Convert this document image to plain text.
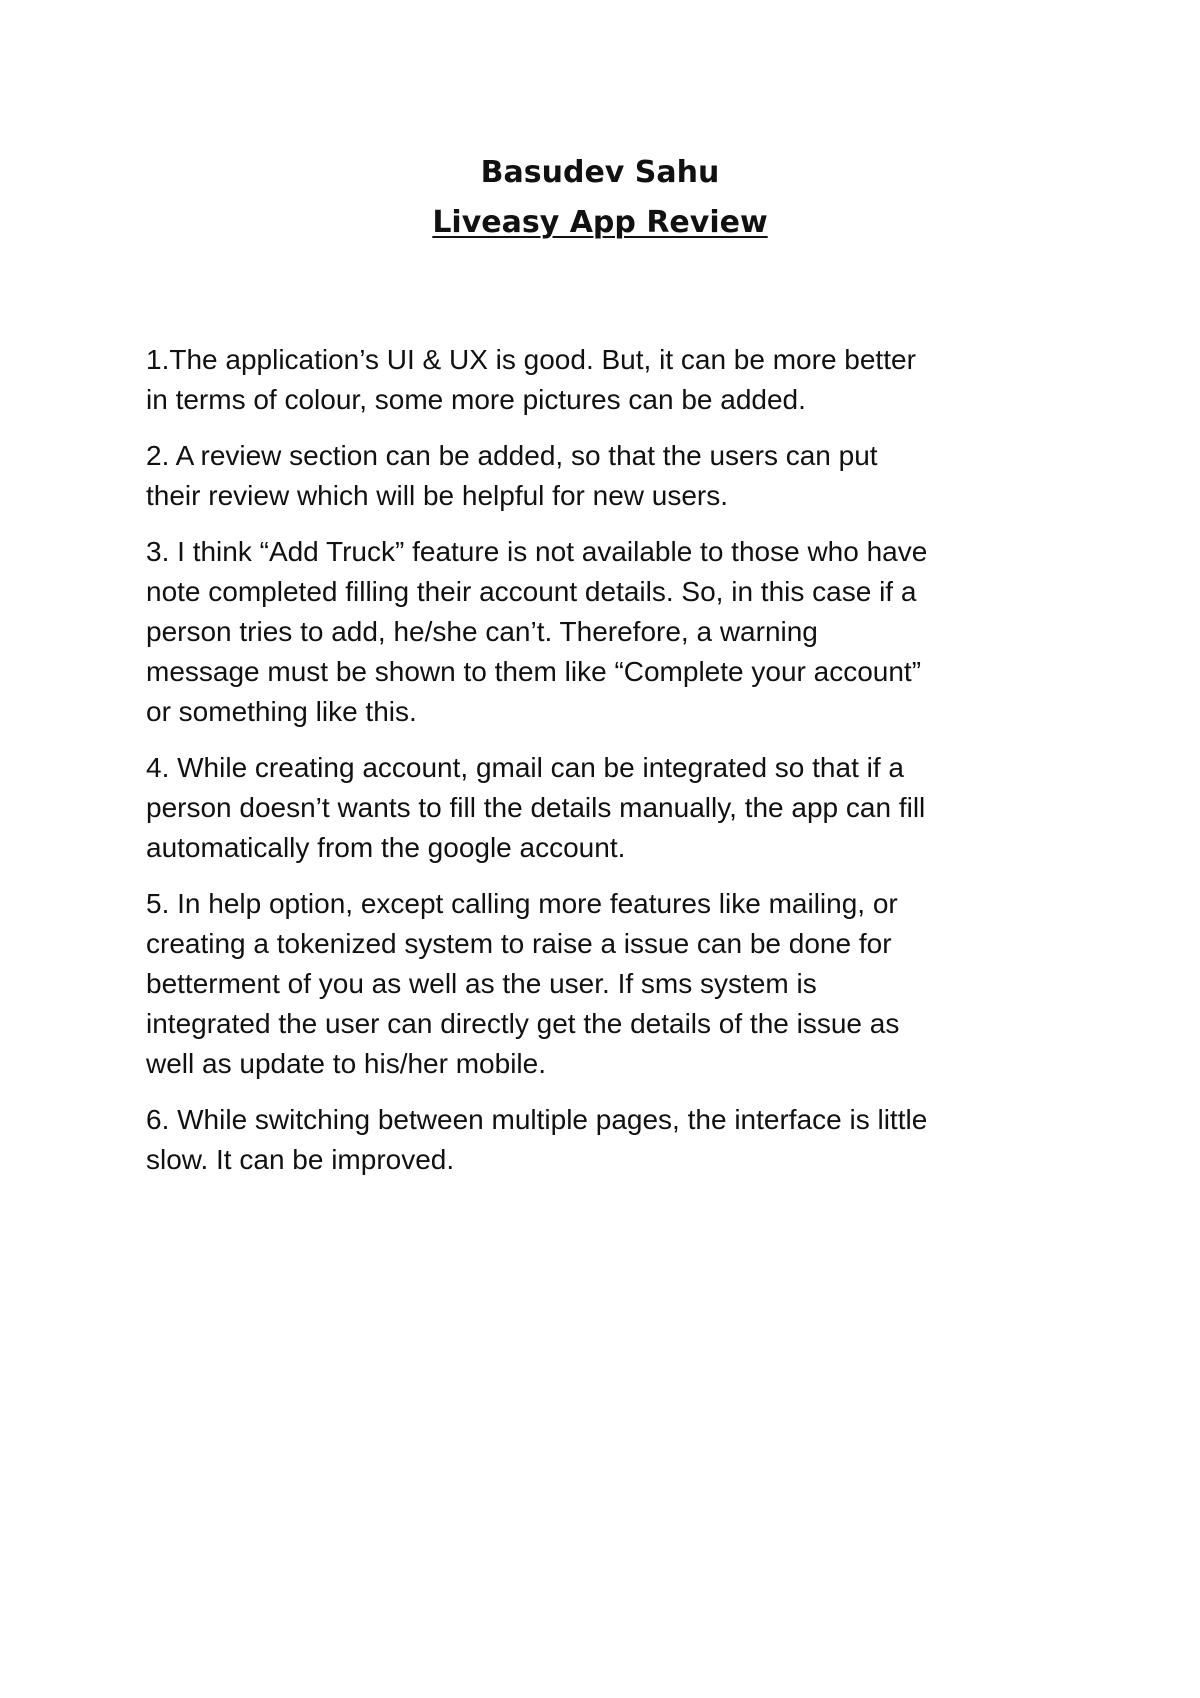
Basudev Sahu
Liveasy App Review
1.The application’s UI & UX is good. But, it can be more better
in terms of colour, some more pictures can be added.
2. A review section can be added, so that the users can put
their review which will be helpful for new users.
3. I think “Add Truck” feature is not available to those who have
note completed filling their account details. So, in this case if a
person tries to add, he/she can’t. Therefore, a warning
message must be shown to them like “Complete your account”
or something like this.
4. While creating account, gmail can be integrated so that if a
person doesn’t wants to fill the details manually, the app can fill
automatically from the google account.
5. In help option, except calling more features like mailing, or
creating a tokenized system to raise a issue can be done for
betterment of you as well as the user. If sms system is
integrated the user can directly get the details of the issue as
well as update to his/her mobile.
6. While switching between multiple pages, the interface is little
slow. It can be improved.
